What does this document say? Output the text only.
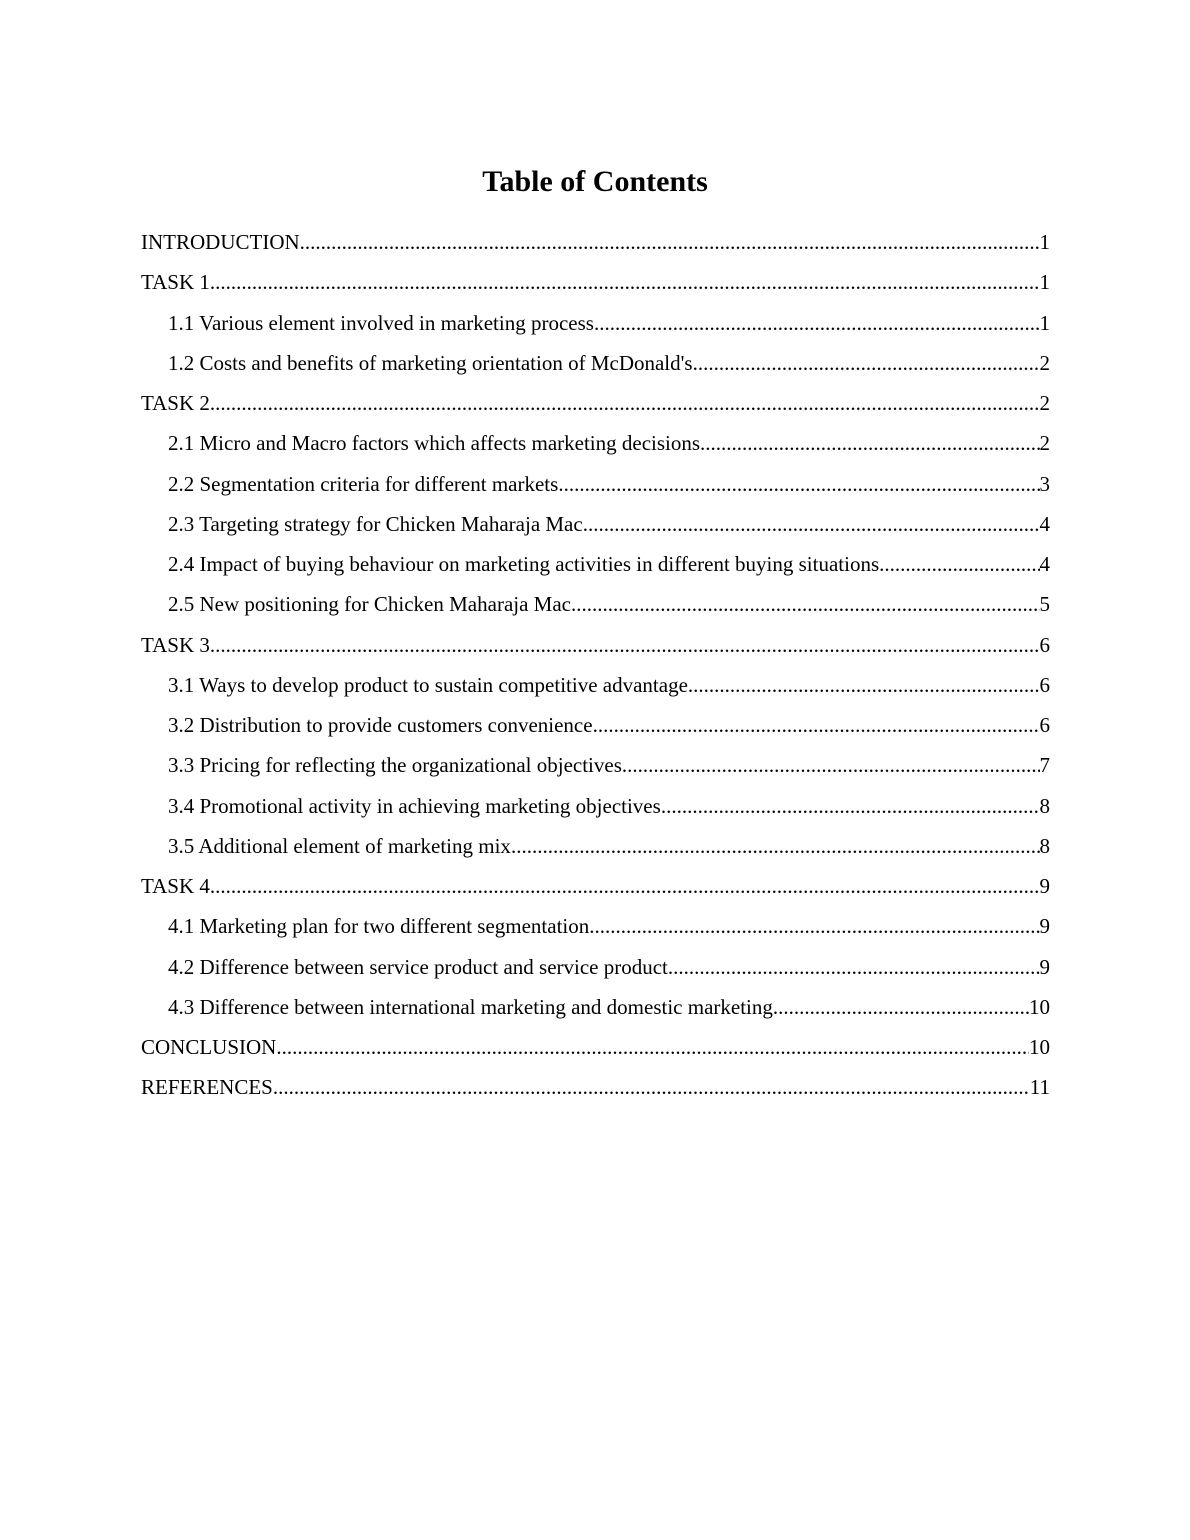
Table of Contents
INTRODUCTION .....	1
TASK 1 .....	1
1.1 Various element involved in marketing process .....	1
1.2 Costs and benefits of marketing orientation of McDonald's .....	2
TASK 2 .....	2
2.1 Micro and Macro factors which affects marketing decisions .....	2
2.2 Segmentation criteria for different markets .....	3
2.3 Targeting strategy for Chicken Maharaja Mac .....	4
2.4 Impact of buying behaviour on marketing activities in different buying situations .....	4
2.5 New positioning for Chicken Maharaja Mac .....	5
TASK 3 .....	6
3.1 Ways to develop product to sustain competitive advantage .....	6
3.2 Distribution to provide customers convenience .....	6
3.3 Pricing for reflecting the organizational objectives .....	7
3.4 Promotional activity in achieving marketing objectives .....	8
3.5 Additional element of marketing mix .....	8
TASK 4 .....	9
4.1 Marketing plan for two different segmentation .....	9
4.2 Difference between service product and service product .....	9
4.3 Difference between international marketing and domestic marketing .....	10
CONCLUSION .....	10
REFERENCES .....	11
